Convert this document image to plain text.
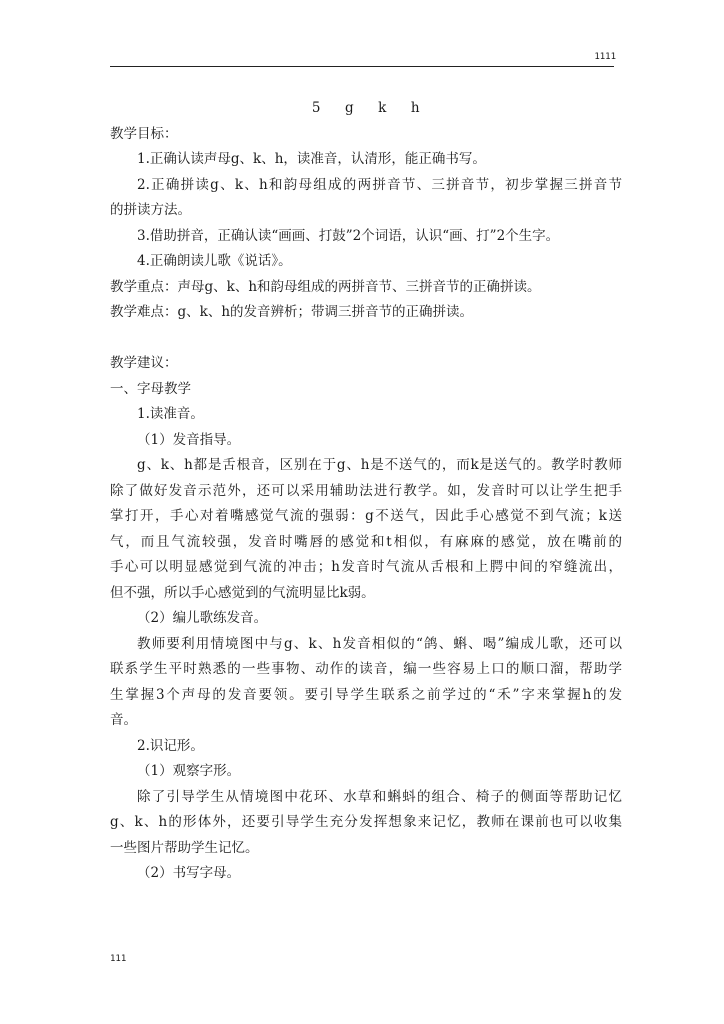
1111
5 g k h
教学目标：
1.正确认读声母g、k、h，读准音，认清形，能正确书写。
2.正确拼读g、k、h和韵母组成的两拼音节、三拼音节，初步掌握三拼音节
的拼读方法。
3.借助拼音，正确认读“画画、打鼓”2个词语，认识“画、打”2个生字。
4.正确朗读儿歌《说话》。
教学重点：声母g、k、h和韵母组成的两拼音节、三拼音节的正确拼读。
教学难点：g、k、h的发音辨析；带调三拼音节的正确拼读。
教学建议：
一、字母教学
1.读准音。
（1）发音指导。
g、k、h都是舌根音，区别在于g、h是不送气的，而k是送气的。教学时教师
除了做好发音示范外，还可以采用辅助法进行教学。如，发音时可以让学生把手
掌打开，手心对着嘴感觉气流的强弱：g不送气，因此手心感觉不到气流；k送
气，而且气流较强，发音时嘴唇的感觉和t相似，有麻麻的感觉，放在嘴前的
手心可以明显感觉到气流的冲击；h发音时气流从舌根和上腭中间的窄缝流出，
但不强，所以手心感觉到的气流明显比k弱。
（2）编儿歌练发音。
教师要利用情境图中与g、k、h发音相似的“鸽、蝌、喝”编成儿歌，还可以
联系学生平时熟悉的一些事物、动作的读音，编一些容易上口的顺口溜，帮助学
生掌握3个声母的发音要领。要引导学生联系之前学过的“禾”字来掌握h的发
音。
2.识记形。
（1）观察字形。
除了引导学生从情境图中花环、水草和蝌蚪的组合、椅子的侧面等帮助记忆
g、k、h的形体外，还要引导学生充分发挥想象来记忆，教师在课前也可以收集
一些图片帮助学生记忆。
（2）书写字母。
111
